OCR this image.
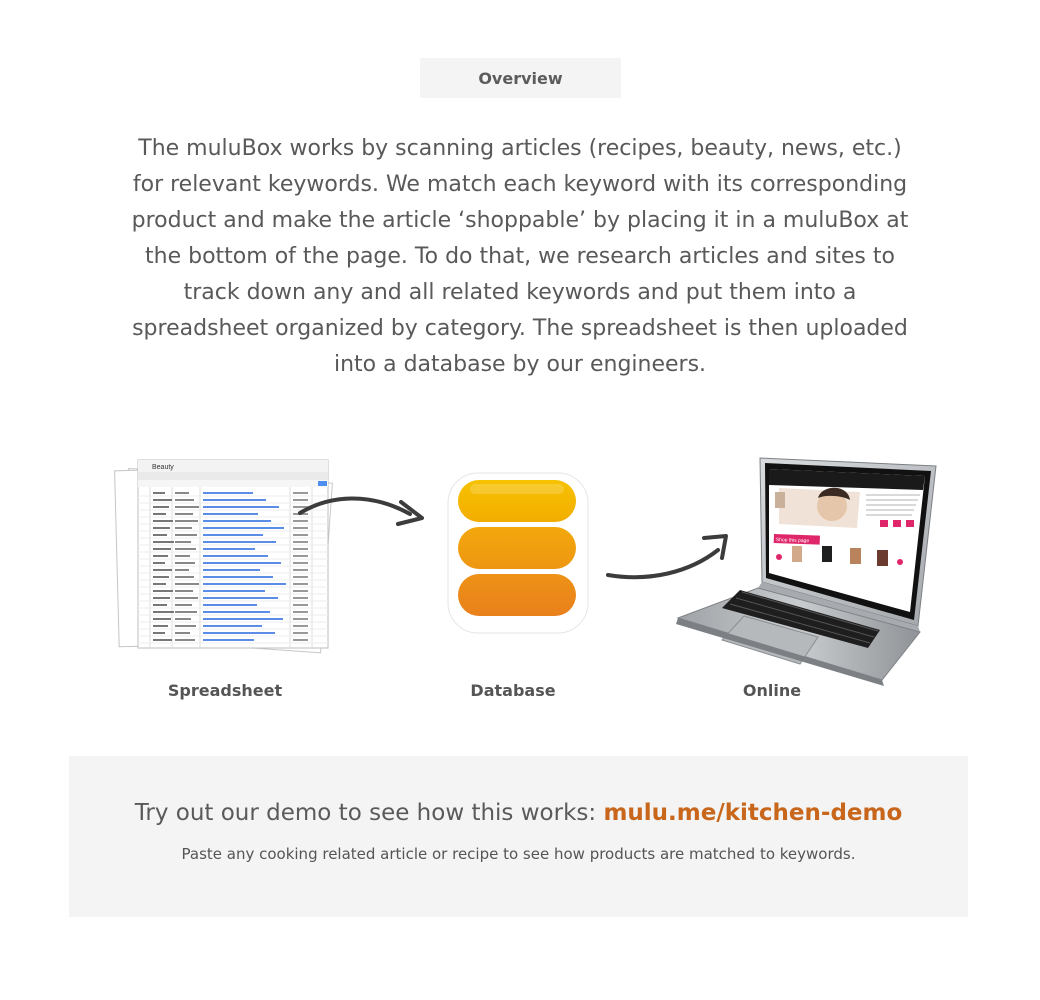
Overview

The muluBox works by scanning articles (recipes, beauty, news, etc.) for relevant keywords. We match each keyword with its corresponding product and make the article ‘shoppable’ by placing it in a muluBox at the bottom of the page. To do that, we research articles and sites to track down any and all related keywords and put them into a spreadsheet organized by category. The spreadsheet is then uploaded into a database by our engineers.

Beauty
Shop this page
Spreadsheet	Database	Online
Try out our demo to see how this works: mulu.me/kitchen-demo
Paste any cooking related article or recipe to see how products are matched to keywords.
